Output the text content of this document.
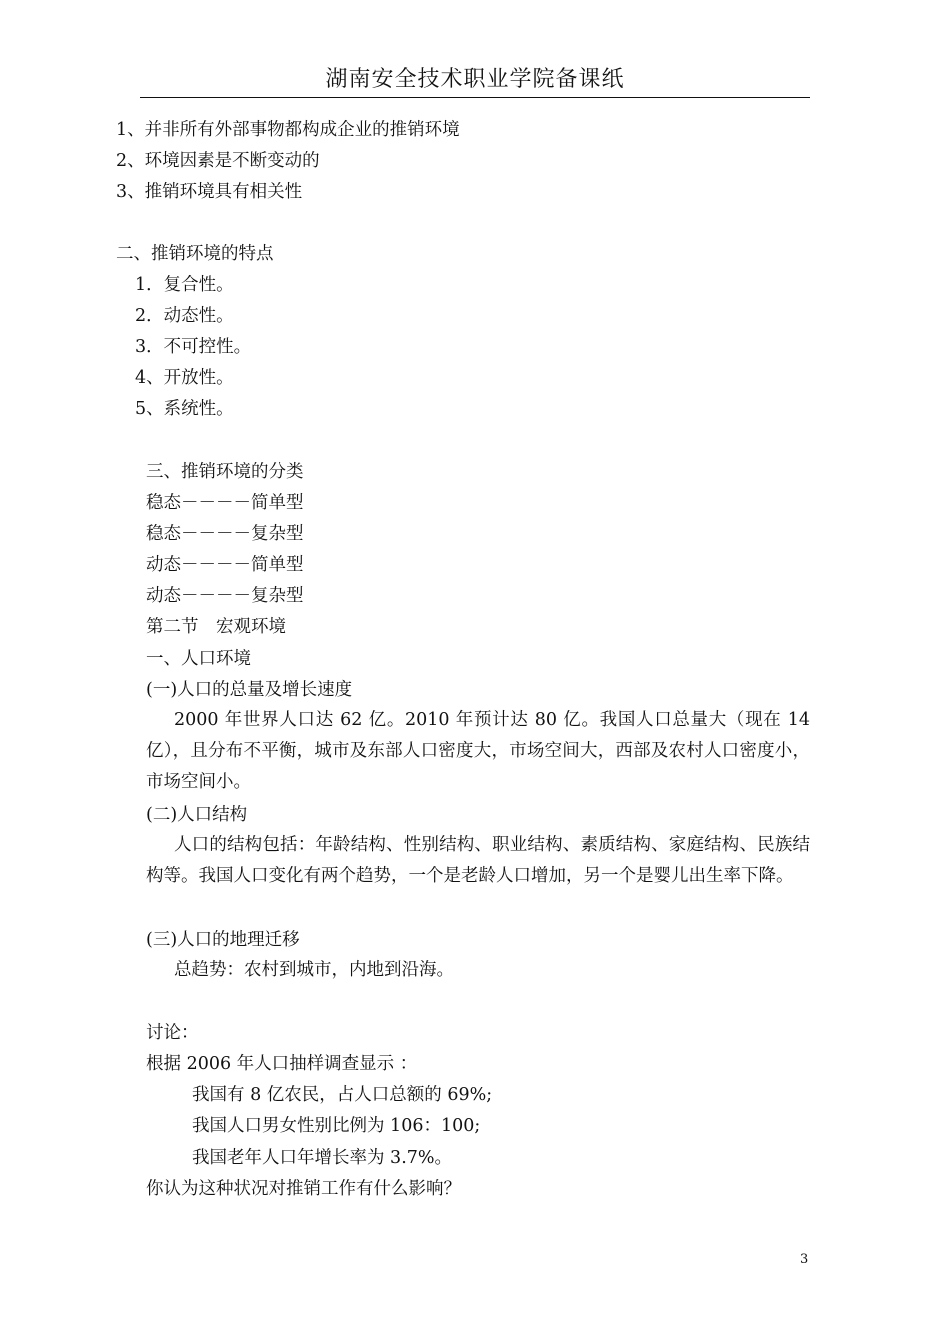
湖南安全技术职业学院备课纸
1、并非所有外部事物都构成企业的推销环境
2、环境因素是不断变动的
3、推销环境具有相关性
二、推销环境的特点
1．复合性。
2．动态性。
3．不可控性。
4、开放性。
5、系统性。
三、推销环境的分类
稳态－－－－简单型
稳态－－－－复杂型
动态－－－－简单型
动态－－－－复杂型
第二节　宏观环境
一、人口环境
(一)人口的总量及增长速度
2000 年世界人口达 62 亿。2010 年预计达 80 亿。我国人口总量大（现在 14 亿），且分布不平衡，城市及东部人口密度大，市场空间大，西部及农村人口密度小，市场空间小。
(二)人口结构
人口的结构包括：年龄结构、性别结构、职业结构、素质结构、家庭结构、民族结构等。我国人口变化有两个趋势，一个是老龄人口增加，另一个是婴儿出生率下降。
(三)人口的地理迁移
总趋势：农村到城市，内地到沿海。
讨论：
根据 2006 年人口抽样调查显示 ：
我国有 8 亿农民，占人口总额的 69%;
我国人口男女性别比例为 106：100;
我国老年人口年增长率为 3.7%。
你认为这种状况对推销工作有什么影响？
3
